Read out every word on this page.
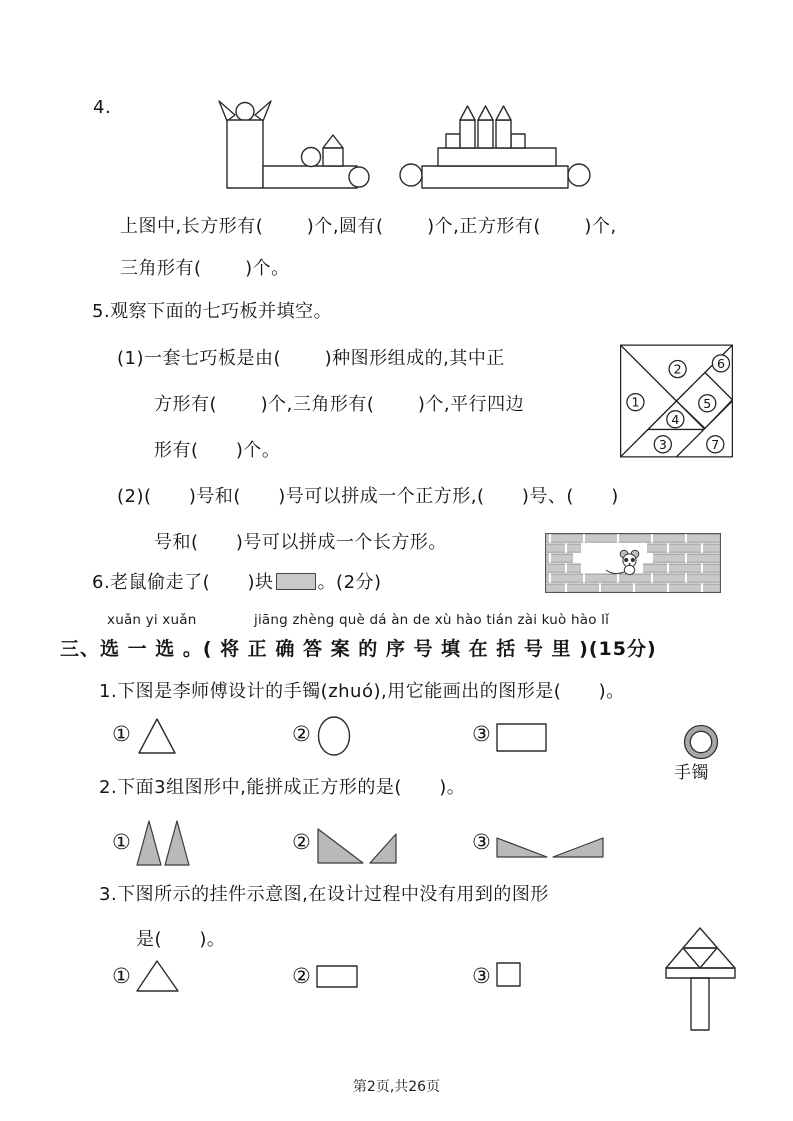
4.
上图中,长方形有(       )个,圆有(       )个,正方形有(       )个,
三角形有(       )个。
5.观察下面的七巧板并填空。
(1)一套七巧板是由(       )种图形组成的,其中正
方形有(       )个,三角形有(       )个,平行四边
形有(      )个。
(2)(      )号和(      )号可以拼成一个正方形,(      )号、(      )
号和(      )号可以拼成一个长方形。
1
2
3
4
5
6
7
6.老鼠偷走了(      )块 。(2分)
xuǎn yi xuǎn	jiāng zhèng què dá àn de xù hào tián zài kuò hào lǐ
三、选 一 选 。( 将 正 确 答 案 的 序 号 填 在 括 号 里 )(15分)
1.下图是李师傅设计的手镯(zhuó),用它能画出的图形是(      )。
①	②	③
手镯
2.下面3组图形中,能拼成正方形的是(      )。
①	②	③
3.下图所示的挂件示意图,在设计过程中没有用到的图形
是(      )。
①	②	③
第2页,共26页
